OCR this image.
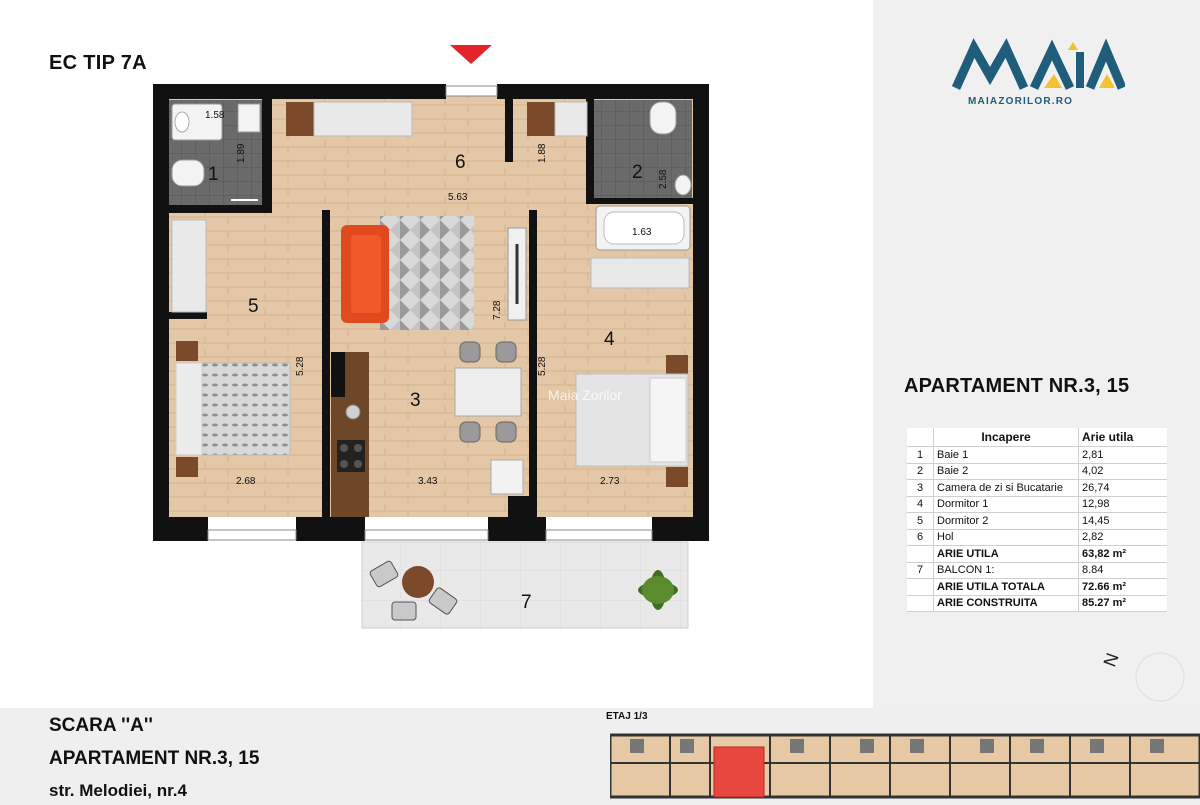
EC TIP 7A
1	2
3
4
5
6
7
1.58
1.89
5.63
1.88
2.58
1.63
7.28
5.28	5.28
2.68	3.43	2.73
Maia Zorilor
MAIAZORILOR.RO
APARTAMENT NR.3, 15
	Incapere	Arie utila
1	Baie 1	2,81
2	Baie 2	4,02
3	Camera de zi si Bucatarie	26,74
4	Dormitor 1	12,98
5	Dormitor 2	14,45
6	Hol	2,82
	ARIE UTILA	63,82 m²
7	BALCON 1:	8.84
	ARIE UTILA TOTALA	72.66 m²
	ARIE CONSTRUITA	85.27 m²
N
SCARA ''A''
APARTAMENT NR.3, 15
str. Melodiei, nr.4
ETAJ 1/3
